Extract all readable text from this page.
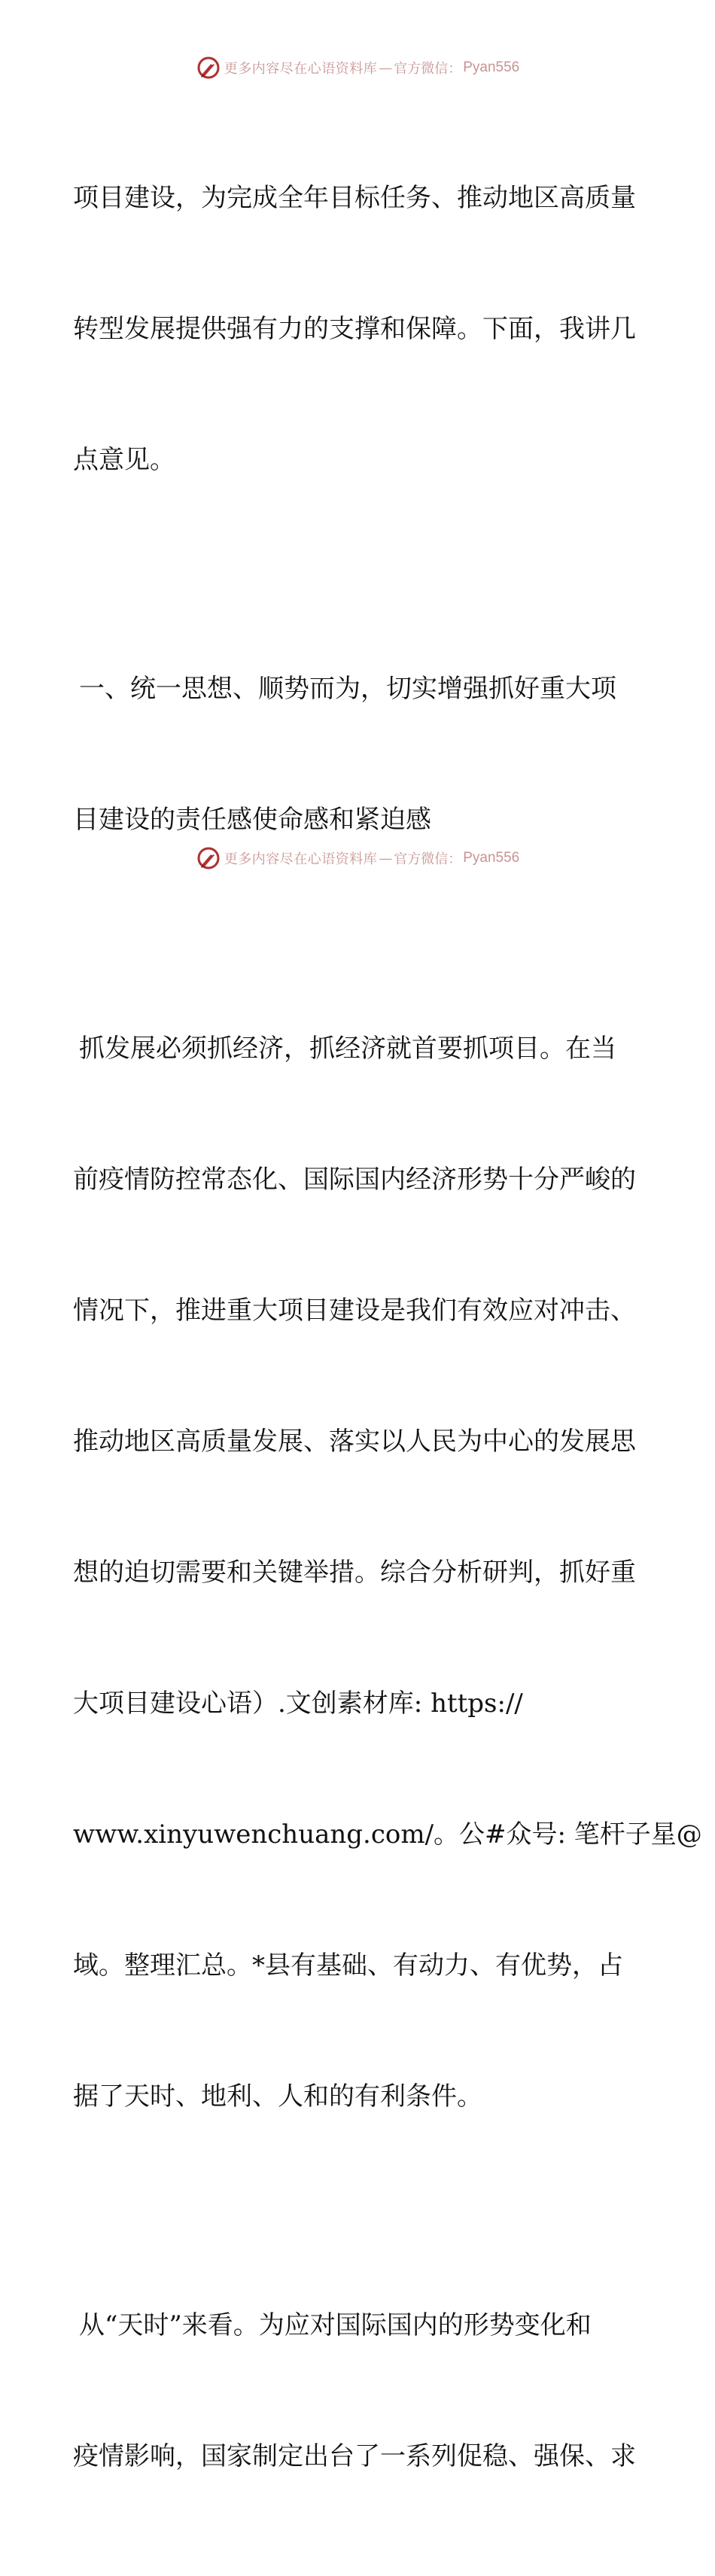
更多内容尽在心语资料库 — 官方微信： Pyan556

项目建设，为完成全年目标任务、推动地区高质量

转型发展提供强有力的支撑和保障。下面，我讲几

点意见。

一、统一思想、顺势而为，切实增强抓好重大项

目建设的责任感使命感和紧迫感

抓发展必须抓经济，抓经济就首要抓项目。在当

前疫情防控常态化、国际国内经济形势十分严峻的

情况下，推进重大项目建设是我们有效应对冲击、

推动地区高质量发展、落实以人民为中心的发展思

想的迫切需要和关键举措。综合分析研判，抓好重

大项目建设心语）.文创素材库: https://

www.xinyuwenchuang.com/。公#众号: 笔杆子星@

域。整理汇总。*县有基础、有动力、有优势，占

据了天时、地利、人和的有利条件。

从“天时”来看。为应对国际国内的形势变化和

疫情影响，国家制定出台了一系列促稳、强保、求

更多内容尽在心语资料库 — 官方微信： Pyan556
